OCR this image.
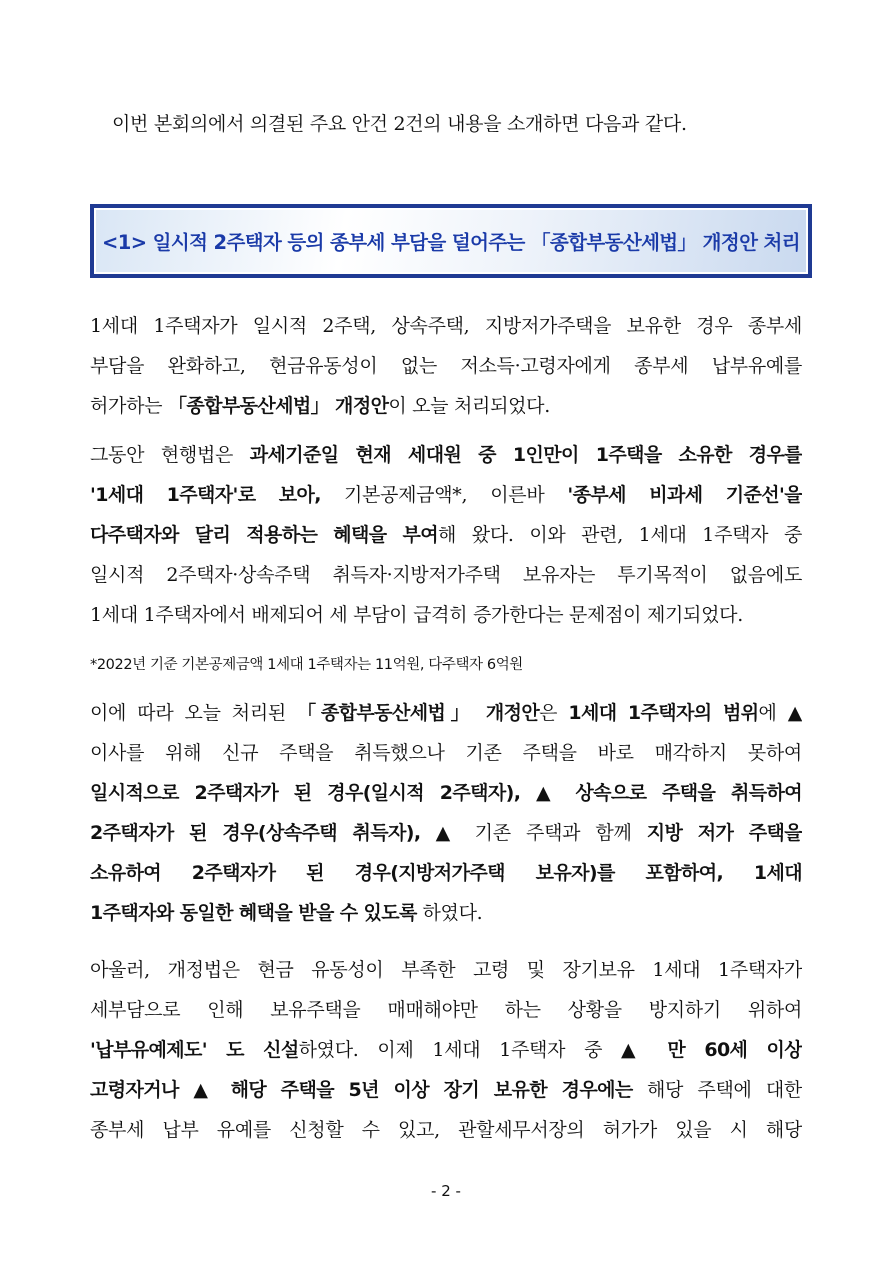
이번 본회의에서 의결된 주요 안건 2건의 내용을 소개하면 다음과 같다.
<1> 일시적 2주택자 등의 종부세 부담을 덜어주는 「종합부동산세법」 개정안 처리
1세대 1주택자가 일시적 2주택, 상속주택, 지방저가주택을 보유한 경우 종부세
부담을 완화하고, 현금유동성이 없는 저소득·고령자에게 종부세 납부유예를
허가하는 「종합부동산세법」 개정안이 오늘 처리되었다.
그동안 현행법은 과세기준일 현재 세대원 중 1인만이 1주택을 소유한 경우를
'1세대 1주택자'로 보아, 기본공제금액*, 이른바 '종부세 비과세 기준선'을
다주택자와 달리 적용하는 혜택을 부여해 왔다. 이와 관련, 1세대 1주택자 중
일시적 2주택자·상속주택 취득자·지방저가주택 보유자는 투기목적이 없음에도
1세대 1주택자에서 배제되어 세 부담이 급격히 증가한다는 문제점이 제기되었다.
*2022년 기준 기본공제금액 1세대 1주택자는 11억원, 다주택자 6억원
이에 따라 오늘 처리된 「종합부동산세법」 개정안은 1세대 1주택자의 범위에 ▲
이사를 위해 신규 주택을 취득했으나 기존 주택을 바로 매각하지 못하여
일시적으로 2주택자가 된 경우(일시적 2주택자), ▲ 상속으로 주택을 취득하여
2주택자가 된 경우(상속주택 취득자), ▲ 기존 주택과 함께 지방 저가 주택을
소유하여 2주택자가 된 경우(지방저가주택 보유자)를 포함하여, 1세대
1주택자와 동일한 혜택을 받을 수 있도록 하였다.
아울러, 개정법은 현금 유동성이 부족한 고령 및 장기보유 1세대 1주택자가
세부담으로 인해 보유주택을 매매해야만 하는 상황을 방지하기 위하여
'납부유예제도' 도 신설하였다. 이제 1세대 1주택자 중 ▲ 만 60세 이상
고령자거나 ▲ 해당 주택을 5년 이상 장기 보유한 경우에는 해당 주택에 대한
종부세 납부 유예를 신청할 수 있고, 관할세무서장의 허가가 있을 시 해당
- 2 -
